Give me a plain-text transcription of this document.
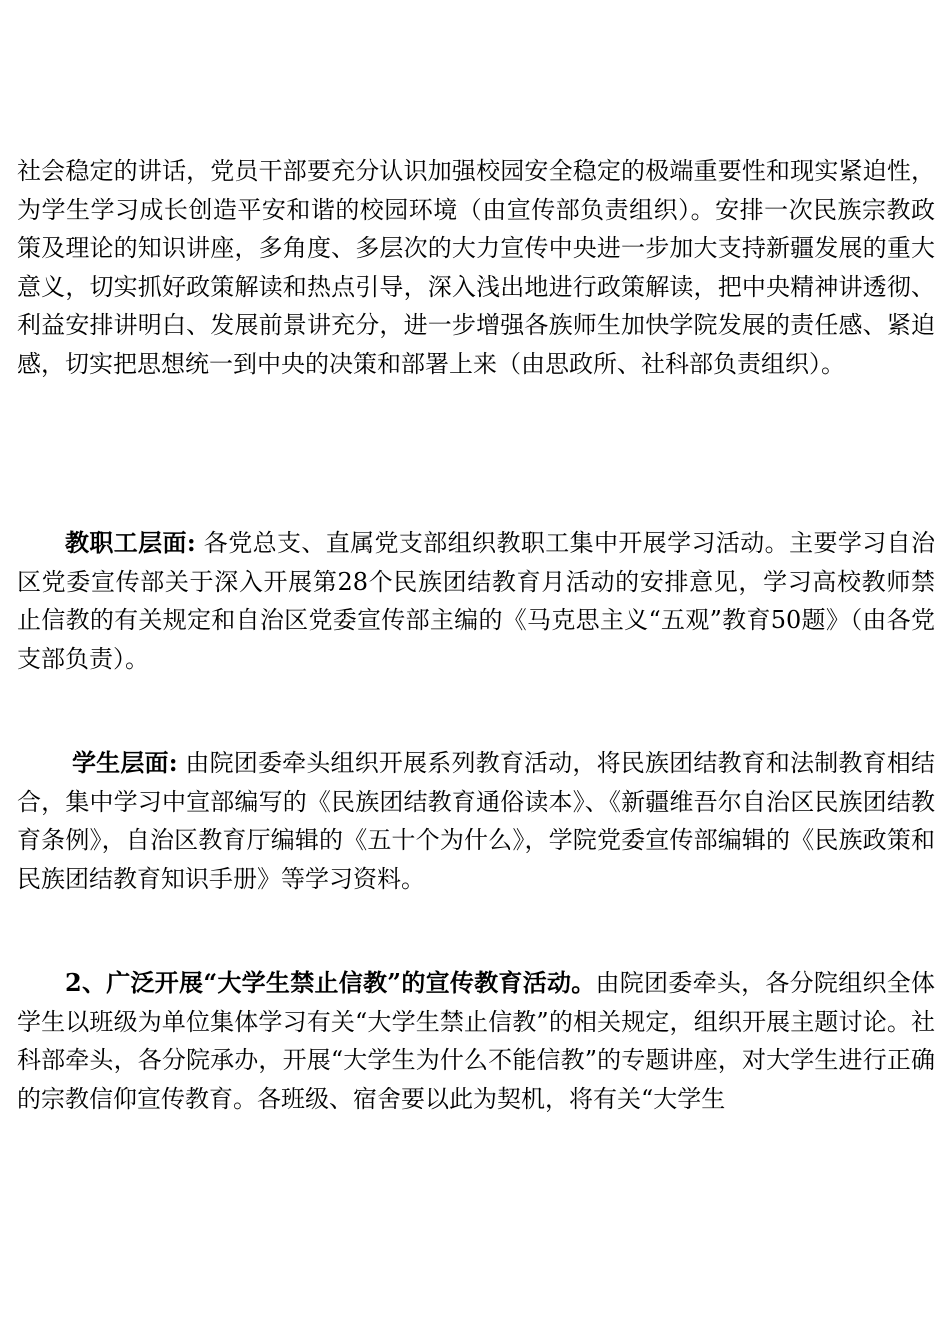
社会稳定的讲话，党员干部要充分认识加强校园安全稳定的极端重要性和现实紧迫性，为学生学习成长创造平安和谐的校园环境（由宣传部负责组织）。安排一次民族宗教政策及理论的知识讲座，多角度、多层次的大力宣传中央进一步加大支持新疆发展的重大意义，切实抓好政策解读和热点引导，深入浅出地进行政策解读，把中央精神讲透彻、利益安排讲明白、发展前景讲充分，进一步增强各族师生加快学院发展的责任感、紧迫感，切实把思想统一到中央的决策和部署上来（由思政所、社科部负责组织）。

教职工层面: 各党总支、直属党支部组织教职工集中开展学习活动。主要学习自治区党委宣传部关于深入开展第28个民族团结教育月活动的安排意见，学习高校教师禁止信教的有关规定和自治区党委宣传部主编的《马克思主义“五观”教育50题》（由各党支部负责）。

学生层面: 由院团委牵头组织开展系列教育活动，将民族团结教育和法制教育相结合，集中学习中宣部编写的《民族团结教育通俗读本》、《新疆维吾尔自治区民族团结教育条例》，自治区教育厅编辑的《五十个为什么》，学院党委宣传部编辑的《民族政策和民族团结教育知识手册》等学习资料。

2、广泛开展“大学生禁止信教”的宣传教育活动。由院团委牵头，各分院组织全体学生以班级为单位集体学习有关“大学生禁止信教”的相关规定，组织开展主题讨论。社科部牵头，各分院承办，开展“大学生为什么不能信教”的专题讲座，对大学生进行正确的宗教信仰宣传教育。各班级、宿舍要以此为契机，将有关“大学生
